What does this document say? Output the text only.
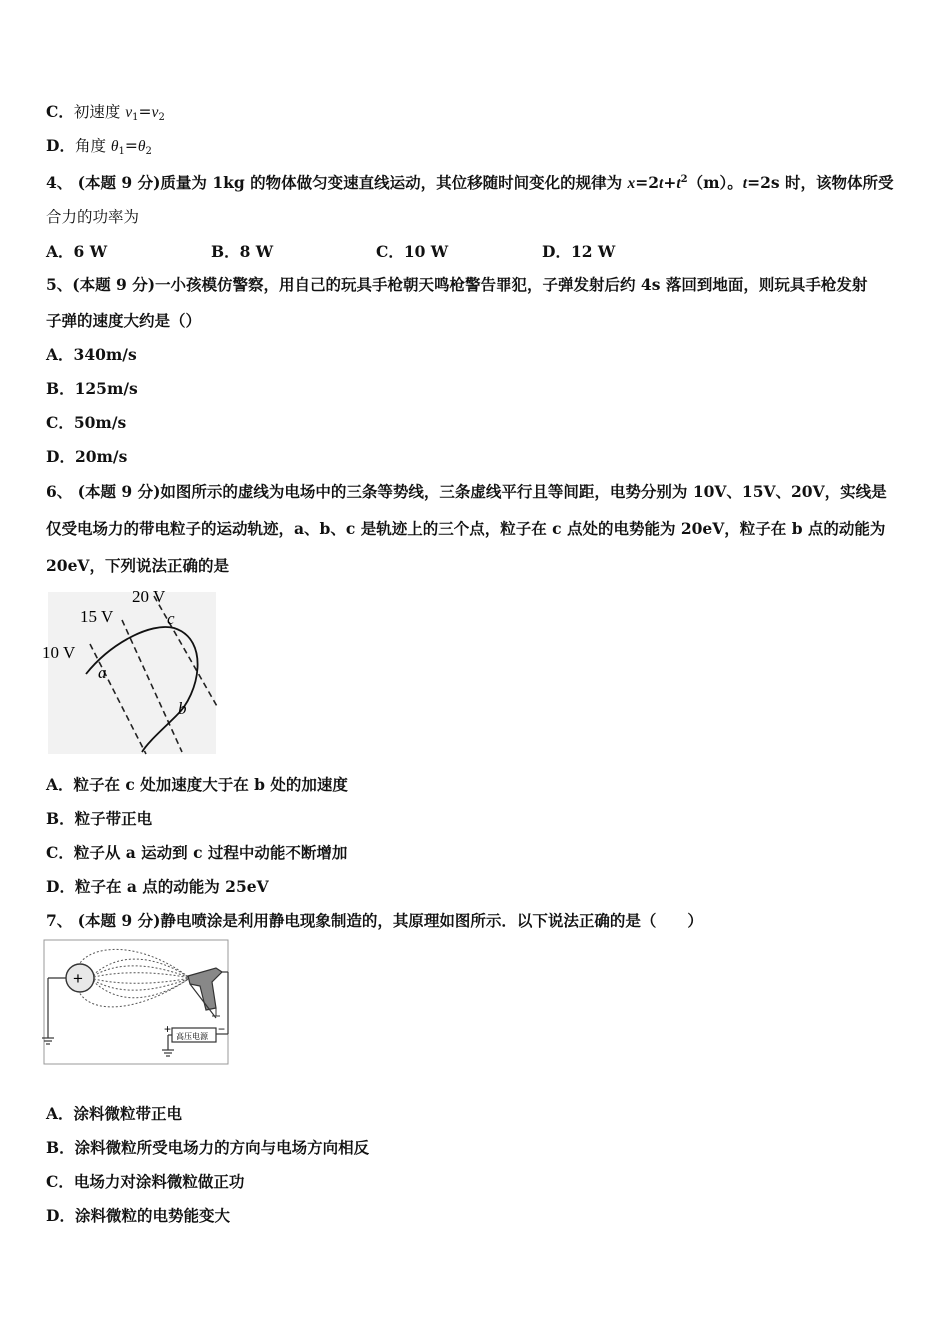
C．初速度 $v_1=v_2$
D．角度 $\theta_1=\theta_2$
4、 (本题 9 分)质量为 1kg 的物体做匀变速直线运动，其位移随时间变化的规律为 $x=2t+t^2(m)$。t=2s 时，该物体所受
合力的功率为
A．6 W	B．8 W	C．10 W	D．12 W
5、(本题 9 分)一小孩模仿警察，用自己的玩具手枪朝天鸣枪警告罪犯，子弹发射后约 4s 落回到地面，则玩具手枪发射
子弹的速度大约是（）
A．340m/s
B．125m/s
C．50m/s
D．20m/s
6、 (本题 9 分)如图所示的虚线为电场中的三条等势线，三条虚线平行且等间距，电势分别为 10V、15V、20V，实线是
仅受电场力的带电粒子的运动轨迹，a、b、c 是轨迹上的三个点，粒子在 c 点处的电势能为 20eV，粒子在 b 点的动能为
20eV，下列说法正确的是
10 V
15 V
20 V
a
b
c
A．粒子在 c 处加速度大于在 b 处的加速度
B．粒子带正电
C．粒子从 a 运动到 c 过程中动能不断增加
D．粒子在 a 点的动能为 25eV
7、 (本题 9 分)静电喷涂是利用静电现象制造的，其原理如图所示．以下说法正确的是（　　）
+
高压电源
+	−
A．涂料微粒带正电
B．涂料微粒所受电场力的方向与电场方向相反
C．电场力对涂料微粒做正功
D．涂料微粒的电势能变大
